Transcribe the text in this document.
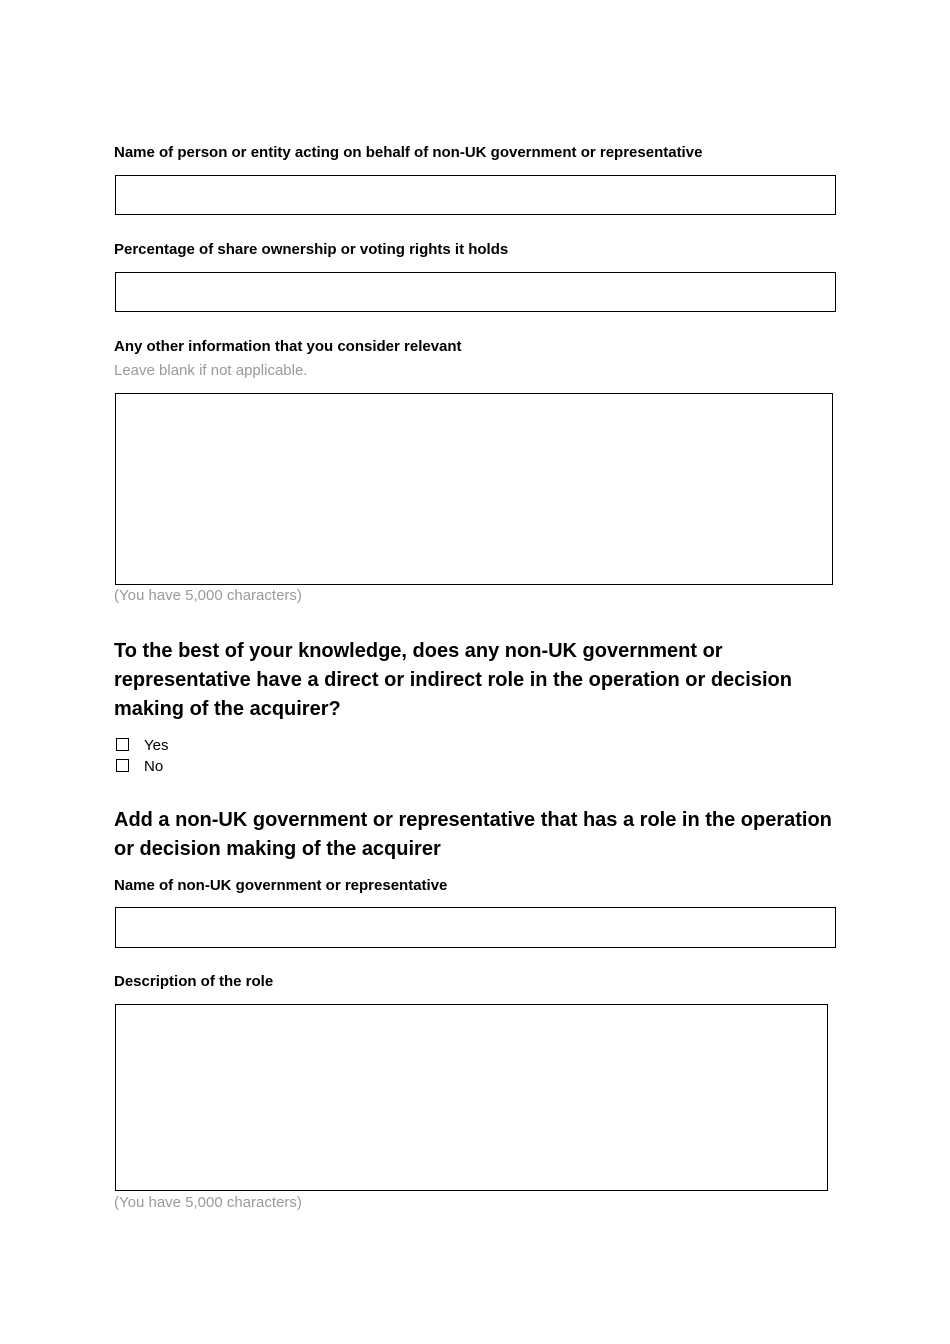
Name of person or entity acting on behalf of non-UK government or representative
Percentage of share ownership or voting rights it holds
Any other information that you consider relevant
Leave blank if not applicable.
(You have 5,000 characters)
To the best of your knowledge, does any non-UK government or representative have a direct or indirect role in the operation or decision making of the acquirer?
Yes
No
Add a non-UK government or representative that has a role in the operation or decision making of the acquirer
Name of non-UK government or representative
Description of the role
(You have 5,000 characters)
